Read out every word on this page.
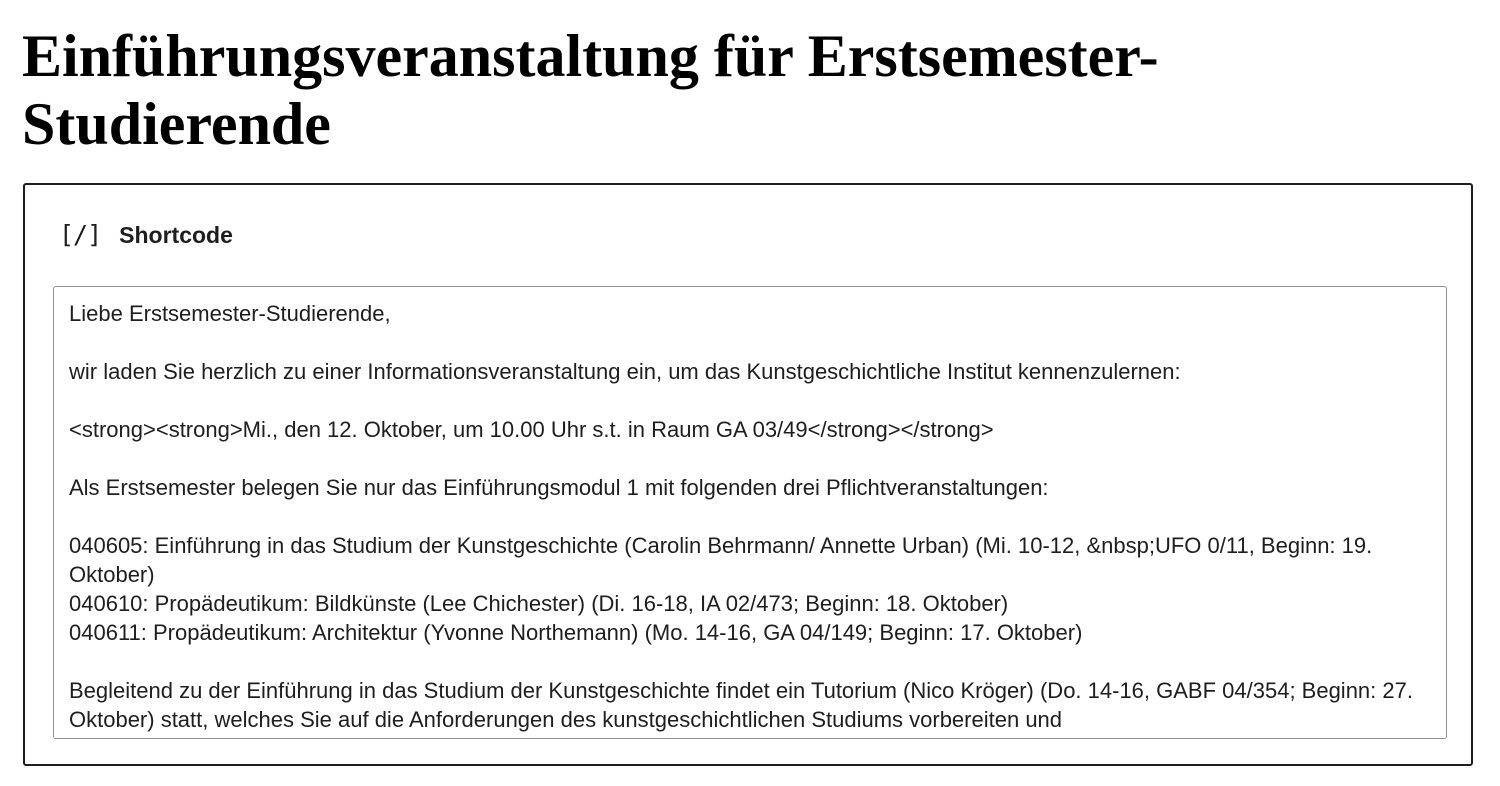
Einführungsveranstaltung für Erstsemester-Studierende
[/] Shortcode
Liebe Erstsemester-Studierende, wir laden Sie herzlich zu einer Informationsveranstaltung ein, um das Kunstgeschichtliche Institut kennenzulernen: <strong><strong>Mi., den 12. Oktober, um 10.00 Uhr s.t. in Raum GA 03/49</strong></strong> Als Erstsemester belegen Sie nur das Einführungsmodul 1 mit folgenden drei Pflichtveranstaltungen: 040605: Einführung in das Studium der Kunstgeschichte (Carolin Behrmann/ Annette Urban) (Mi. 10-12, &nbsp;UFO 0/11, Beginn: 19. Oktober) 040610: Propädeutikum: Bildkünste (Lee Chichester) (Di. 16-18, IA 02/473; Beginn: 18. Oktober) 040611: Propädeutikum: Architektur (Yvonne Northemann) (Mo. 14-16, GA 04/149; Beginn: 17. Oktober) Begleitend zu der Einführung in das Studium der Kunstgeschichte findet ein Tutorium (Nico Kröger) (Do. 14-16, GABF 04/354; Beginn: 27. Oktober) statt, welches Sie auf die Anforderungen des kunstgeschichtlichen Studiums vorbereiten und
